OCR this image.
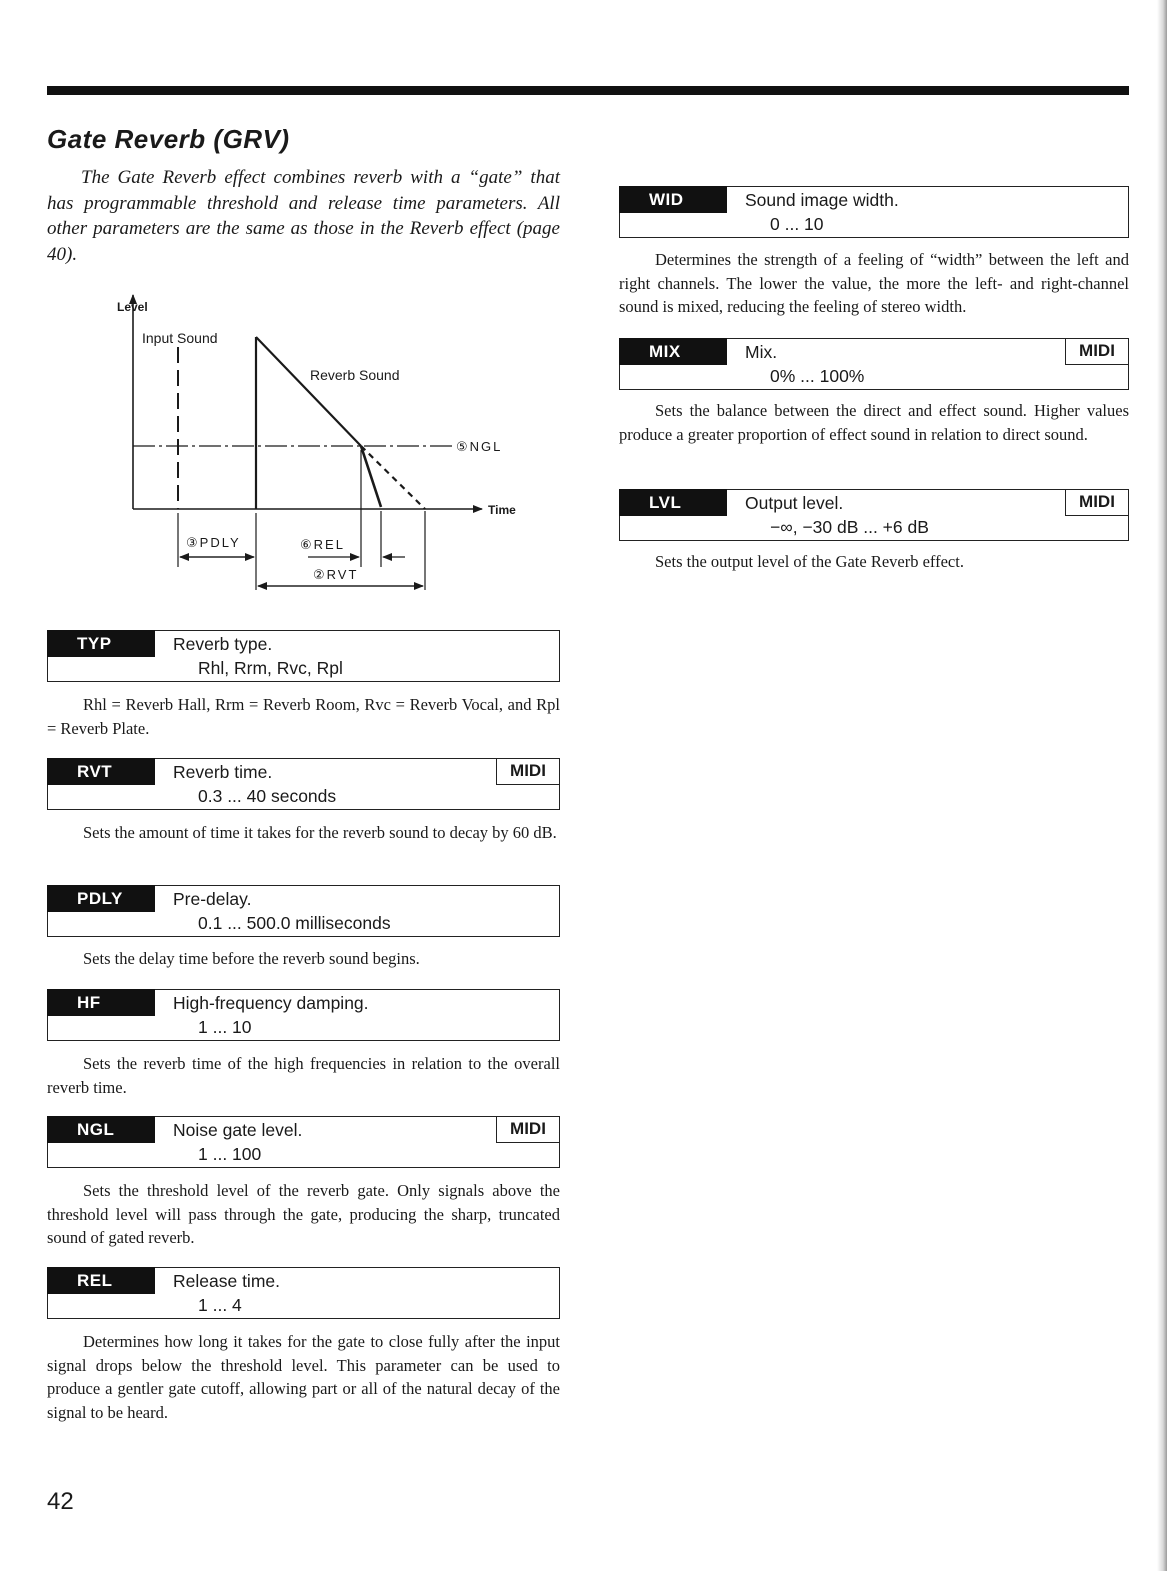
Gate Reverb (GRV)

The Gate Reverb effect combines reverb with a “gate” that has programmable threshold and release time parameters. All other parameters are the same as those in the Reverb effect (page 40).

Level
Input Sound
Reverb Sound
⑤NGL
Time
③PDLY	⑥REL
②RVT
TYP	Reverb type.
Rhl, Rrm, Rvc, Rpl

Rhl = Reverb Hall, Rrm = Reverb Room, Rvc = Reverb Vocal, and Rpl = Reverb Plate.

RVT	Reverb time.
0.3 ... 40 seconds
MIDI

Sets the amount of time it takes for the reverb sound to decay by 60 dB.

PDLY	Pre-delay.
0.1 ... 500.0 milliseconds

Sets the delay time before the reverb sound begins.

HF	High-frequency damping.
1 ... 10

Sets the reverb time of the high frequencies in relation to the overall reverb time.

NGL	Noise gate level.
1 ... 100
MIDI

Sets the threshold level of the reverb gate. Only signals above the threshold level will pass through the gate, producing the sharp, truncated sound of gated reverb.

REL	Release time.
1 ... 4

Determines how long it takes for the gate to close fully after the input signal drops below the threshold level. This parameter can be used to produce a gentler gate cutoff, allowing part or all of the natural decay of the signal to be heard.

WID	Sound image width.
0 ... 10

Determines the strength of a feeling of “width” between the left and right channels. The lower the value, the more the left- and right-channel sound is mixed, reducing the feeling of stereo width.

MIX	Mix.
0% ... 100%
MIDI

Sets the balance between the direct and effect sound. Higher values produce a greater proportion of effect sound in relation to direct sound.

LVL	Output level.
−∞, −30 dB ... +6 dB
MIDI

Sets the output level of the Gate Reverb effect.

42
